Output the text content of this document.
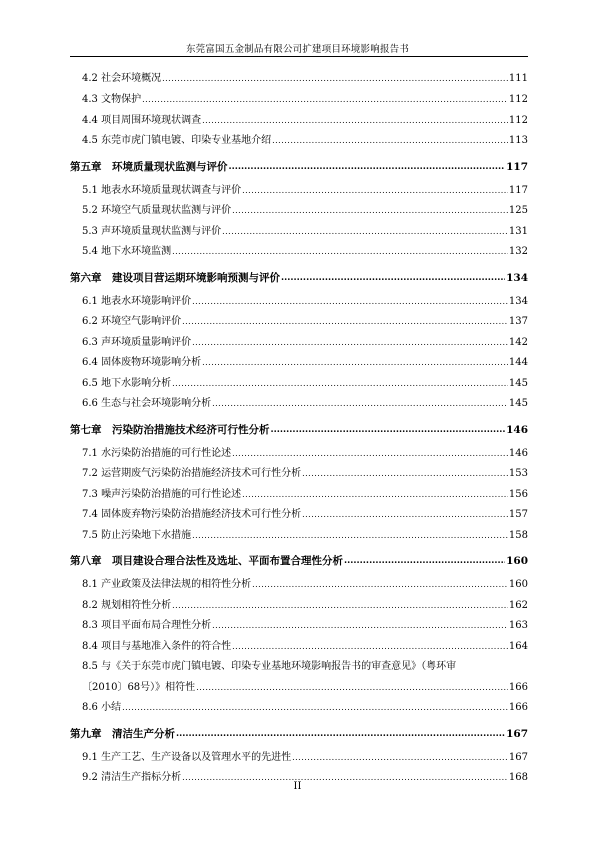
东莞富国五金制品有限公司扩建项目环境影响报告书
4.2 社会环境概况 .....	111
4.3 文物保护 .....	112
4.4 项目周围环境现状调查 .....	112
4.5 东莞市虎门镇电镀、印染专业基地介绍 .....	113
第五章　环境质量现状监测与评价 .....	117
5.1 地表水环境质量现状调查与评价 .....	117
5.2 环境空气质量现状监测与评价 .....	125
5.3 声环境质量现状监测与评价 .....	131
5.4 地下水环境监测 .....	132
第六章　建设项目营运期环境影响预测与评价 .....	134
6.1 地表水环境影响评价 .....	134
6.2 环境空气影响评价 .....	137
6.3 声环境质量影响评价 .....	142
6.4 固体废物环境影响分析 .....	144
6.5 地下水影响分析 .....	145
6.6 生态与社会环境影响分析 .....	145
第七章　污染防治措施技术经济可行性分析 .....	146
7.1 水污染防治措施的可行性论述 .....	146
7.2 运营期废气污染防治措施经济技术可行性分析 .....	153
7.3 噪声污染防治措施的可行性论述 .....	156
7.4 固体废弃物污染防治措施经济技术可行性分析 .....	157
7.5 防止污染地下水措施 .....	158
第八章　项目建设合理合法性及选址、平面布置合理性分析 .....	160
8.1 产业政策及法律法规的相符性分析 .....	160
8.2 规划相符性分析 .....	162
8.3 项目平面布局合理性分析 .....	163
8.4 项目与基地准入条件的符合性 .....	164
8.5 与《关于东莞市虎门镇电镀、印染专业基地环境影响报告书的审查意见》（粤环审
〔2010〕68号）》相符性 .....	166
8.6 小结 .....	166
第九章　清洁生产分析 .....	167
9.1 生产工艺、生产设备以及管理水平的先进性 .....	167
9.2 清洁生产指标分析 .....	168
II
